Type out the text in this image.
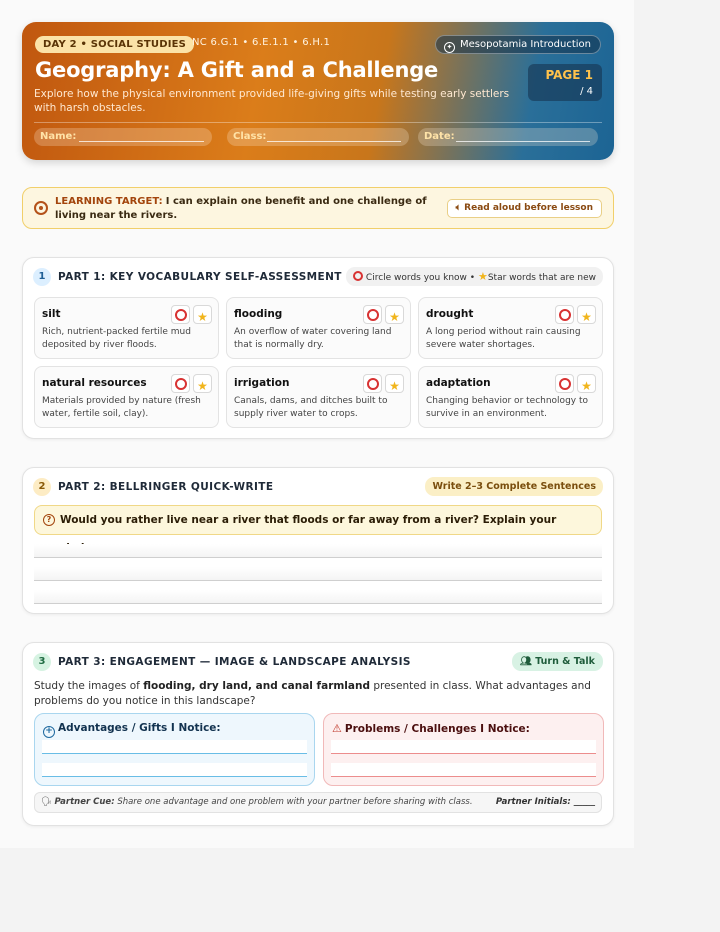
DAY 2 • SOCIAL STUDIES NC 6.G.1 • 6.E.1.1 • 6.H.1	✦ Mesopotamia Introduction
Geography: A Gift and a Challenge
Explore how the physical environment provided life-giving gifts while testing early settlers with harsh obstacles.
PAGE 1 / 4
Name:	Class:	Date:
LEARNING TARGET: I can explain one benefit and one challenge of living near the rivers.
🔈︎ Read aloud before lesson
1	PART 1: KEY VOCABULARY SELF-ASSESSMENT	Circle words you know • ★Star words that are new
silt	★
Rich, nutrient-packed fertile mud deposited by river floods.
flooding	★
An overflow of water covering land that is normally dry.
drought	★
A long period without rain causing severe water shortages.
natural resources	★
Materials provided by nature (fresh water, fertile soil, clay).
irrigation	★
Canals, dams, and ditches built to supply river water to crops.
adaptation	★
Changing behavior or technology to survive in an environment.
2	PART 2: BELLRINGER QUICK-WRITE	Write 2–3 Complete Sentences
? Would you rather live near a river that floods or far away from a river? Explain your
3	PART 3: ENGAGEMENT — IMAGE & LANDSCAPE ANALYSIS	👥︎ Turn & Talk
Study the images of flooding, dry land, and canal farmland presented in class. What advantages and problems do you notice in this landscape?
+ Advantages / Gifts I Notice:	⚠︎ Problems / Challenges I Notice:
🗣︎ Partner Cue: Share one advantage and one problem with your partner before sharing with class.	Partner Initials: _____
